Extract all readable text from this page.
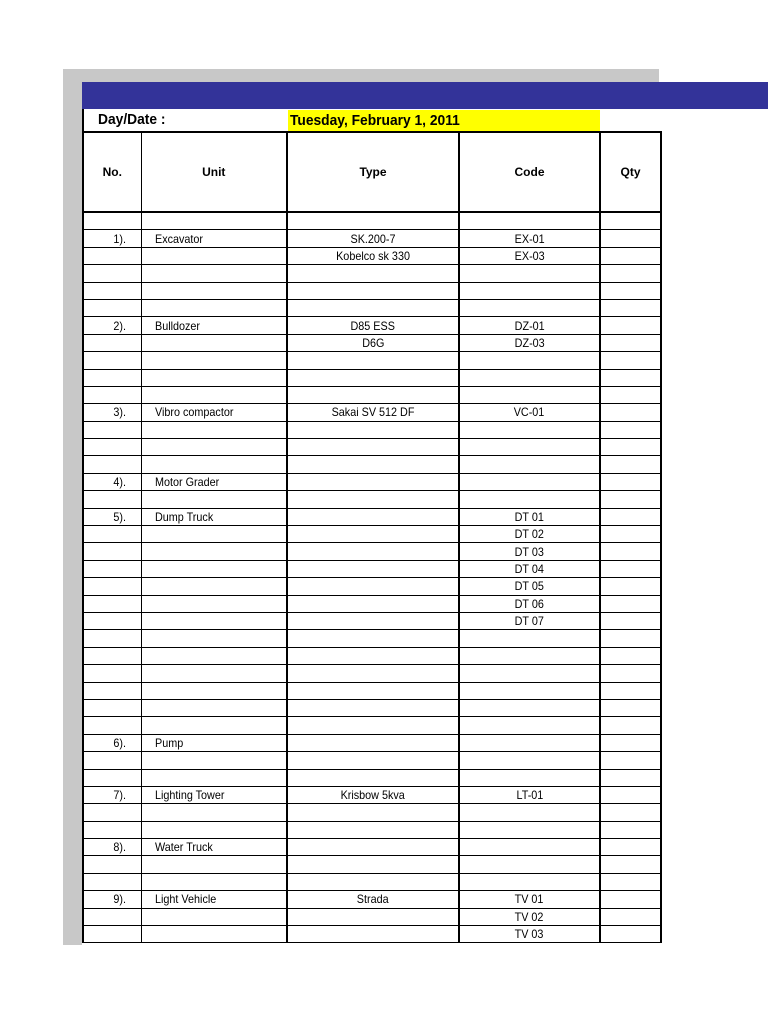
Day/Date :	Tuesday, February 1, 2011
No.	Unit	Type	Code	Qty

1).	Excavator	SK.200-7	EX-01	
		Kobelco sk 330	EX-03	

2).	Bulldozer	D85 ESS	DZ-01	
		D6G	DZ-03	

3).	Vibro compactor	Sakai SV 512 DF	VC-01	

4).	Motor Grader			

5).	Dump Truck		DT 01	
			DT 02	
			DT 03	
			DT 04	
			DT 05	
			DT 06	
			DT 07	

6).	Pump			

7).	Lighting Tower	Krisbow 5kva	LT-01	

8).	Water Truck			

9).	Light Vehicle	Strada	TV 01	
			TV 02	
			TV 03	
